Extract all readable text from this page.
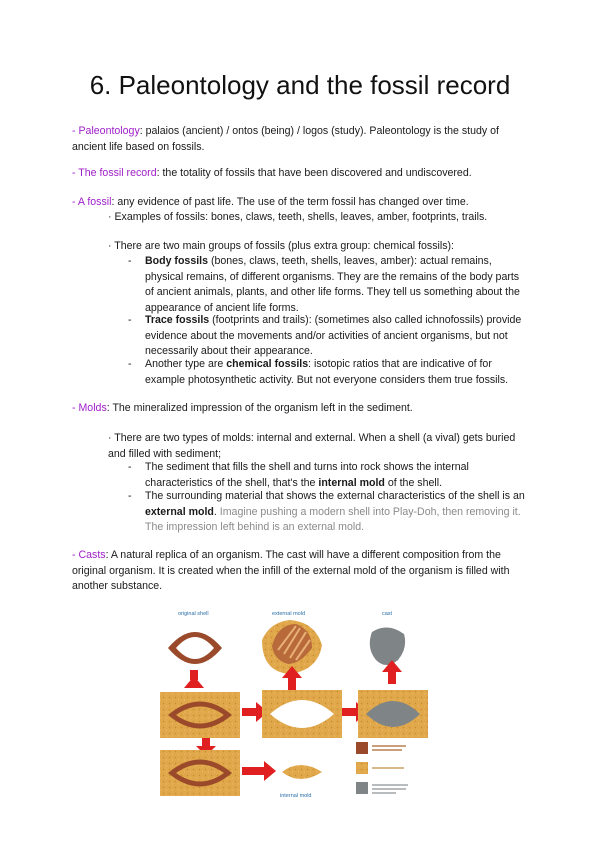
6. Paleontology and the fossil record

- Paleontology: palaios (ancient) / ontos (being) / logos (study). Paleontology is the study of ancient life based on fossils.

- The fossil record: the totality of fossils that have been discovered and undiscovered.

- A fossil: any evidence of past life. The use of the term fossil has changed over time.

· Examples of fossils: bones, claws, teeth, shells, leaves, amber, footprints, trails.

· There are two main groups of fossils (plus extra group: chemical fossils):

- Body fossils (bones, claws, teeth, shells, leaves, amber): actual remains, physical remains, of different organisms. They are the remains of the body parts of ancient animals, plants, and other life forms. They tell us something about the appearance of ancient life forms.

- Trace fossils (footprints and trails): (sometimes also called ichnofossils) provide evidence about the movements and/or activities of ancient organisms, but not necessarily about their appearance.

- Another type are chemical fossils: isotopic ratios that are indicative of for example photosynthetic activity. But not everyone considers them true fossils.

- Molds: The mineralized impression of the organism left in the sediment.

· There are two types of molds: internal and external. When a shell (a vival) gets buried and filled with sediment;

- The sediment that fills the shell and turns into rock shows the internal characteristics of the shell, that's the internal mold of the shell.

- The surrounding material that shows the external characteristics of the shell is an external mold. Imagine pushing a modern shell into Play-Doh, then removing it. The impression left behind is an external mold.

- Casts: A natural replica of an organism. The cast will have a different composition from the original organism. It is created when the infill of the external mold of the organism is filled with another substance.

original shell	external mold	cast
internal mold
